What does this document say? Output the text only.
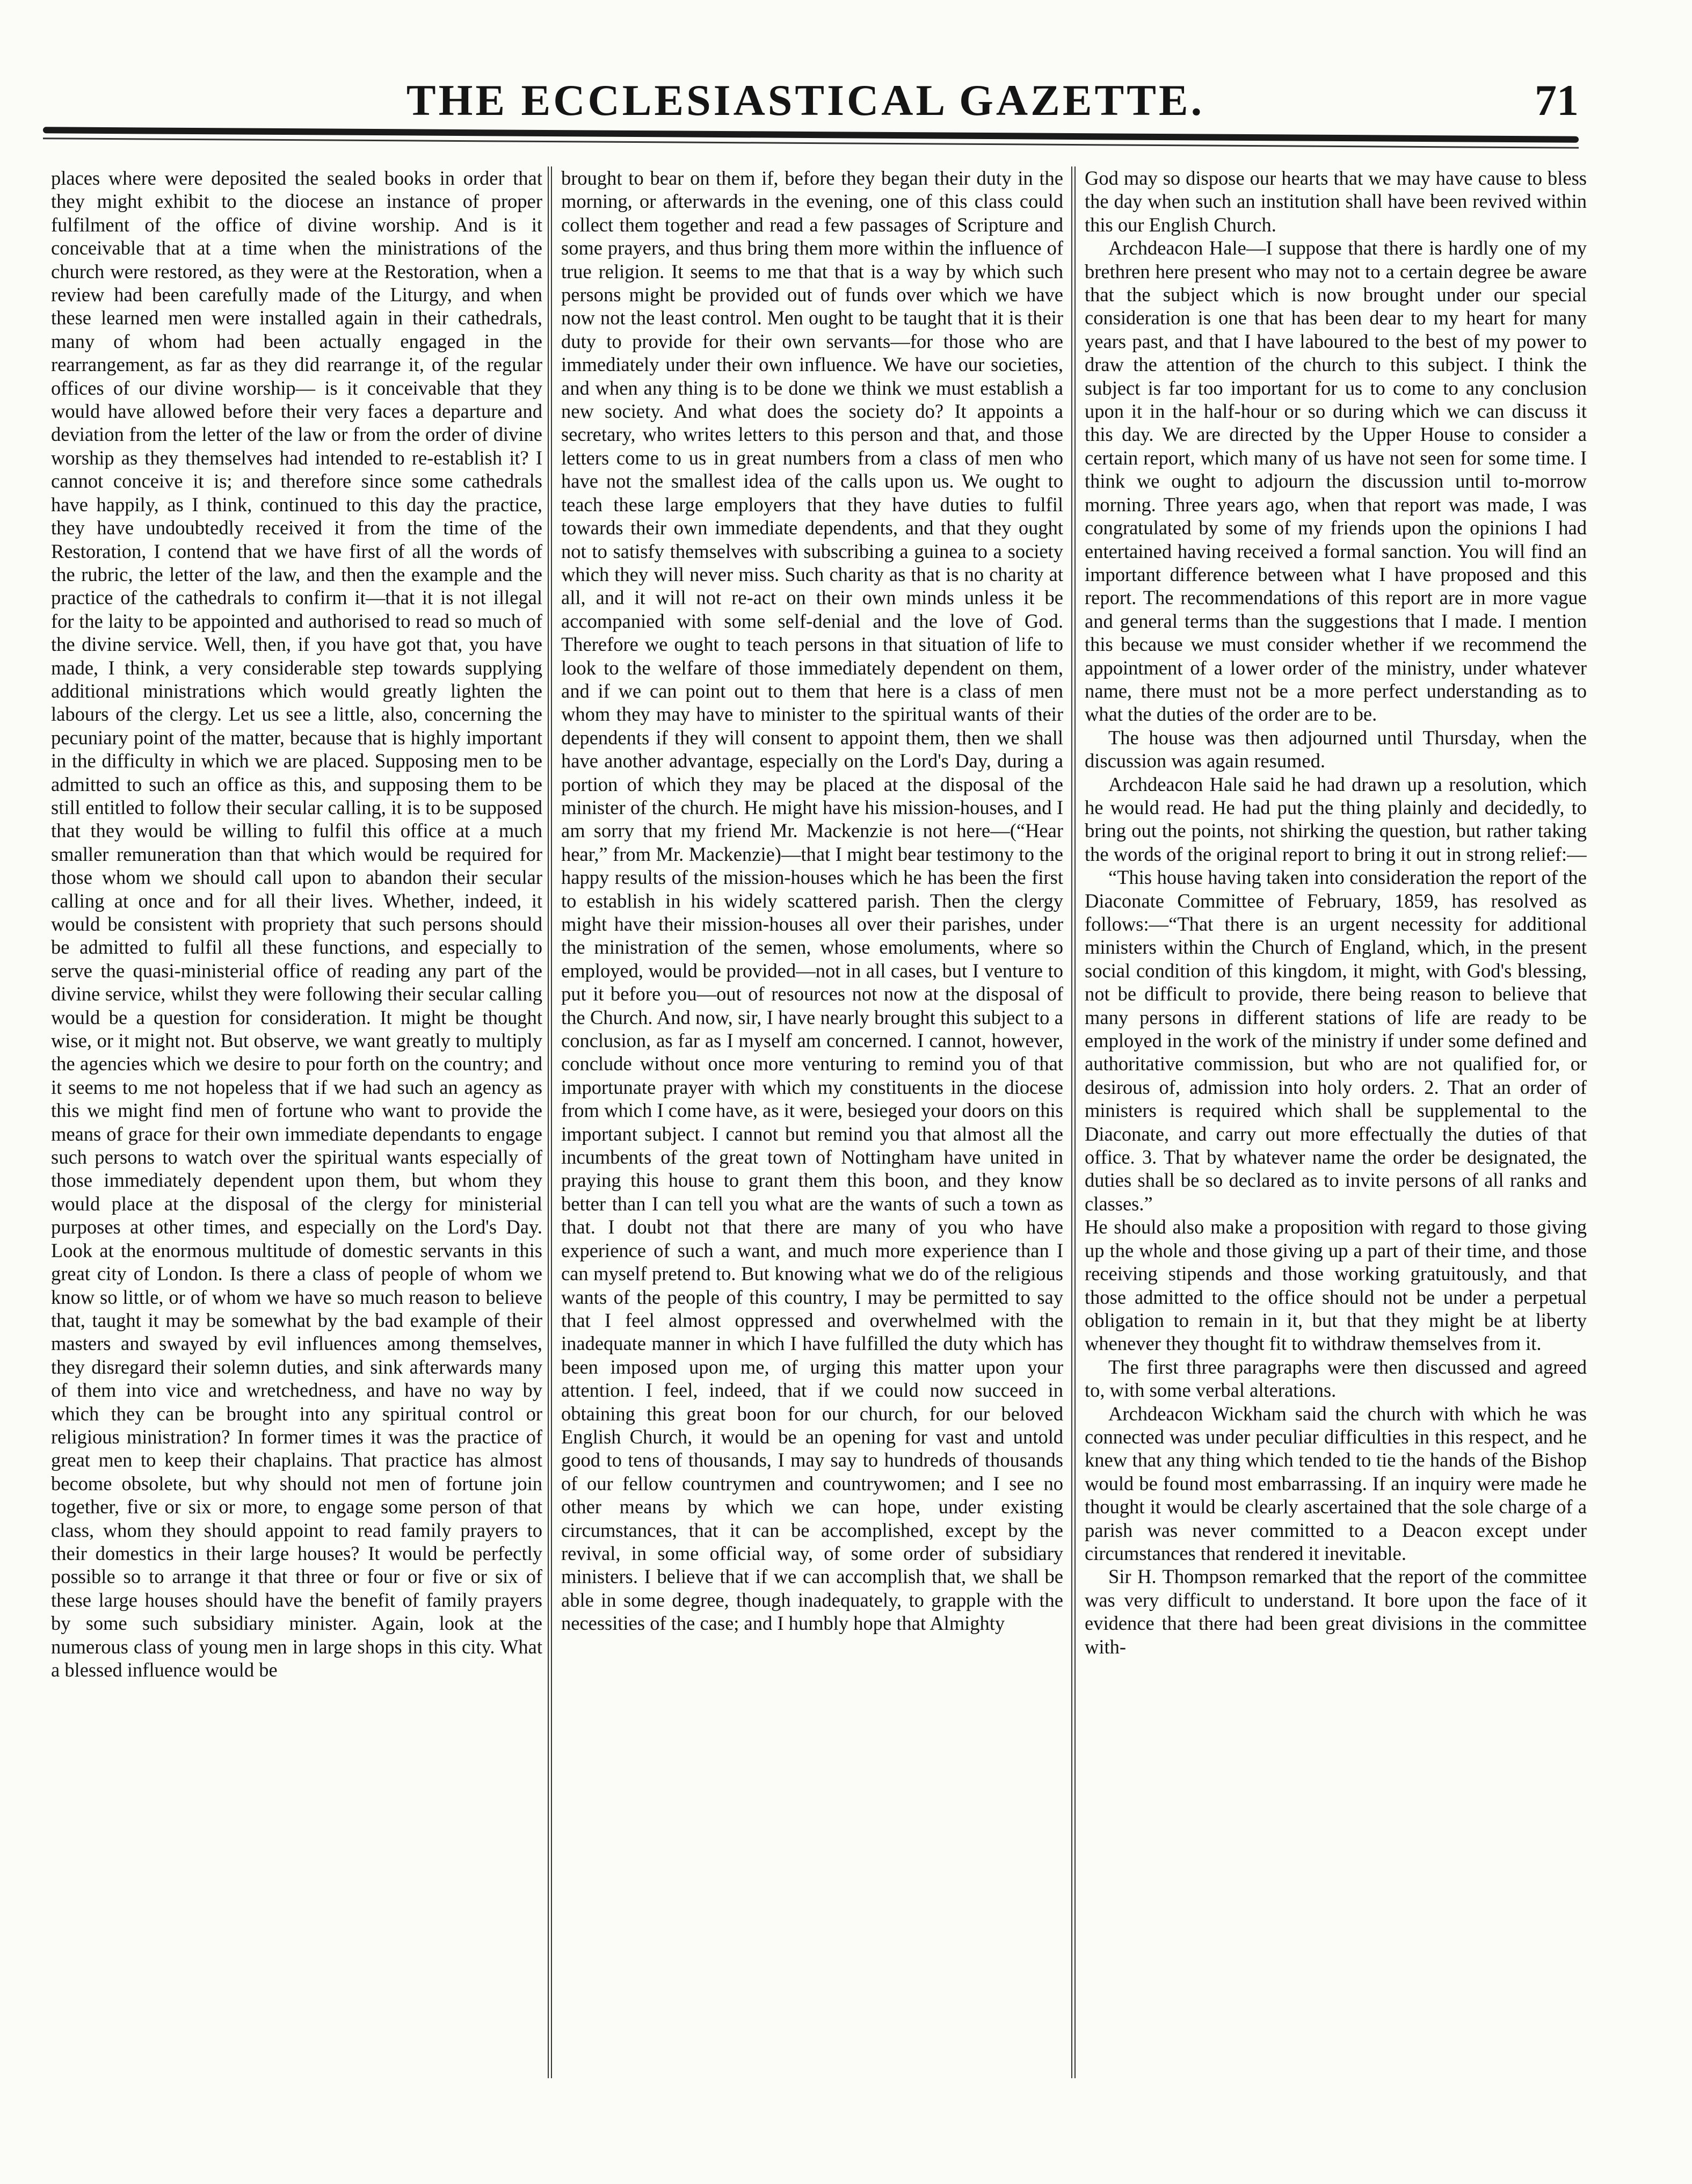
THE ECCLESIASTICAL GAZETTE.	71

places where were deposited the sealed books in order that they might exhibit to the diocese an instance of proper fulfilment of the office of divine worship. And is it conceivable that at a time when the ministrations of the church were restored, as they were at the Restoration, when a review had been carefully made of the Liturgy, and when these learned men were installed again in their cathedrals, many of whom had been actually engaged in the rearrangement, as far as they did rearrange it, of the regular offices of our divine worship— is it conceivable that they would have allowed before their very faces a departure and deviation from the letter of the law or from the order of divine worship as they themselves had intended to re-establish it? I cannot conceive it is; and therefore since some cathedrals have happily, as I think, continued to this day the practice, they have undoubtedly received it from the time of the Restoration, I contend that we have first of all the words of the rubric, the letter of the law, and then the example and the practice of the cathedrals to confirm it—that it is not illegal for the laity to be appointed and authorised to read so much of the divine service. Well, then, if you have got that, you have made, I think, a very considerable step towards supplying additional ministrations which would greatly lighten the labours of the clergy. Let us see a little, also, concerning the pecuniary point of the matter, because that is highly important in the difficulty in which we are placed. Supposing men to be admitted to such an office as this, and supposing them to be still entitled to follow their secular calling, it is to be supposed that they would be willing to fulfil this office at a much smaller remuneration than that which would be required for those whom we should call upon to abandon their secular calling at once and for all their lives. Whether, indeed, it would be consistent with propriety that such persons should be admitted to fulfil all these functions, and especially to serve the quasi-ministerial office of reading any part of the divine service, whilst they were following their secular calling would be a question for consideration. It might be thought wise, or it might not. But observe, we want greatly to multiply the agencies which we desire to pour forth on the country; and it seems to me not hopeless that if we had such an agency as this we might find men of fortune who want to provide the means of grace for their own immediate dependants to engage such persons to watch over the spiritual wants especially of those immediately dependent upon them, but whom they would place at the disposal of the clergy for ministerial purposes at other times, and especially on the Lord's Day. Look at the enormous multitude of domestic servants in this great city of London. Is there a class of people of whom we know so little, or of whom we have so much reason to believe that, taught it may be somewhat by the bad example of their masters and swayed by evil influences among themselves, they disregard their solemn duties, and sink afterwards many of them into vice and wretchedness, and have no way by which they can be brought into any spiritual control or religious ministration? In former times it was the practice of great men to keep their chaplains. That practice has almost become obsolete, but why should not men of fortune join together, five or six or more, to engage some person of that class, whom they should appoint to read family prayers to their domestics in their large houses? It would be perfectly possible so to arrange it that three or four or five or six of these large houses should have the benefit of family prayers by some such subsidiary minister. Again, look at the numerous class of young men in large shops in this city. What a blessed influence would be

brought to bear on them if, before they began their duty in the morning, or afterwards in the evening, one of this class could collect them together and read a few passages of Scripture and some prayers, and thus bring them more within the influence of true religion. It seems to me that that is a way by which such persons might be provided out of funds over which we have now not the least control. Men ought to be taught that it is their duty to provide for their own servants—for those who are immediately under their own influence. We have our societies, and when any thing is to be done we think we must establish a new society. And what does the society do? It appoints a secretary, who writes letters to this person and that, and those letters come to us in great numbers from a class of men who have not the smallest idea of the calls upon us. We ought to teach these large employers that they have duties to fulfil towards their own immediate dependents, and that they ought not to satisfy themselves with subscribing a guinea to a society which they will never miss. Such charity as that is no charity at all, and it will not re-act on their own minds unless it be accompanied with some self-denial and the love of God. Therefore we ought to teach persons in that situation of life to look to the welfare of those immediately dependent on them, and if we can point out to them that here is a class of men whom they may have to minister to the spiritual wants of their dependents if they will consent to appoint them, then we shall have another advantage, especially on the Lord's Day, during a portion of which they may be placed at the disposal of the minister of the church. He might have his mission-houses, and I am sorry that my friend Mr. Mackenzie is not here—(“Hear hear,” from Mr. Mackenzie)—that I might bear testimony to the happy results of the mission-houses which he has been the first to establish in his widely scattered parish. Then the clergy might have their mission-houses all over their parishes, under the ministration of the semen, whose emoluments, where so employed, would be provided—not in all cases, but I venture to put it before you—out of resources not now at the disposal of the Church. And now, sir, I have nearly brought this subject to a conclusion, as far as I myself am concerned. I cannot, however, conclude without once more venturing to remind you of that importunate prayer with which my constituents in the diocese from which I come have, as it were, besieged your doors on this important subject. I cannot but remind you that almost all the incumbents of the great town of Nottingham have united in praying this house to grant them this boon, and they know better than I can tell you what are the wants of such a town as that. I doubt not that there are many of you who have experience of such a want, and much more experience than I can myself pretend to. But knowing what we do of the religious wants of the people of this country, I may be permitted to say that I feel almost oppressed and overwhelmed with the inadequate manner in which I have fulfilled the duty which has been imposed upon me, of urging this matter upon your attention. I feel, indeed, that if we could now succeed in obtaining this great boon for our church, for our beloved English Church, it would be an opening for vast and untold good to tens of thousands, I may say to hundreds of thousands of our fellow countrymen and countrywomen; and I see no other means by which we can hope, under existing circumstances, that it can be accomplished, except by the revival, in some official way, of some order of subsidiary ministers. I believe that if we can accomplish that, we shall be able in some degree, though inadequately, to grapple with the necessities of the case; and I humbly hope that Almighty

God may so dispose our hearts that we may have cause to bless the day when such an institution shall have been revived within this our English Church.

Archdeacon Hale—I suppose that there is hardly one of my brethren here present who may not to a certain degree be aware that the subject which is now brought under our special consideration is one that has been dear to my heart for many years past, and that I have laboured to the best of my power to draw the attention of the church to this subject. I think the subject is far too important for us to come to any conclusion upon it in the half-hour or so during which we can discuss it this day. We are directed by the Upper House to consider a certain report, which many of us have not seen for some time. I think we ought to adjourn the discussion until to-morrow morning. Three years ago, when that report was made, I was congratulated by some of my friends upon the opinions I had entertained having received a formal sanction. You will find an important difference between what I have proposed and this report. The recommendations of this report are in more vague and general terms than the suggestions that I made. I mention this because we must consider whether if we recommend the appointment of a lower order of the ministry, under whatever name, there must not be a more perfect understanding as to what the duties of the order are to be.

The house was then adjourned until Thursday, when the discussion was again resumed.

Archdeacon Hale said he had drawn up a resolution, which he would read. He had put the thing plainly and decidedly, to bring out the points, not shirking the question, but rather taking the words of the original report to bring it out in strong relief:—

“This house having taken into consideration the report of the Diaconate Committee of February, 1859, has resolved as follows:—“That there is an urgent necessity for additional ministers within the Church of England, which, in the present social condition of this kingdom, it might, with God's blessing, not be difficult to provide, there being reason to believe that many persons in different stations of life are ready to be employed in the work of the ministry if under some defined and authoritative commission, but who are not qualified for, or desirous of, admission into holy orders. 2. That an order of ministers is required which shall be supplemental to the Diaconate, and carry out more effectually the duties of that office. 3. That by whatever name the order be designated, the duties shall be so declared as to invite persons of all ranks and classes.”

He should also make a proposition with regard to those giving up the whole and those giving up a part of their time, and those receiving stipends and those working gratuitously, and that those admitted to the office should not be under a perpetual obligation to remain in it, but that they might be at liberty whenever they thought fit to withdraw themselves from it.

The first three paragraphs were then discussed and agreed to, with some verbal alterations.

Archdeacon Wickham said the church with which he was connected was under peculiar difficulties in this respect, and he knew that any thing which tended to tie the hands of the Bishop would be found most embarrassing. If an inquiry were made he thought it would be clearly ascertained that the sole charge of a parish was never committed to a Deacon except under circumstances that rendered it inevitable.

Sir H. Thompson remarked that the report of the committee was very difficult to understand. It bore upon the face of it evidence that there had been great divisions in the committee with-
